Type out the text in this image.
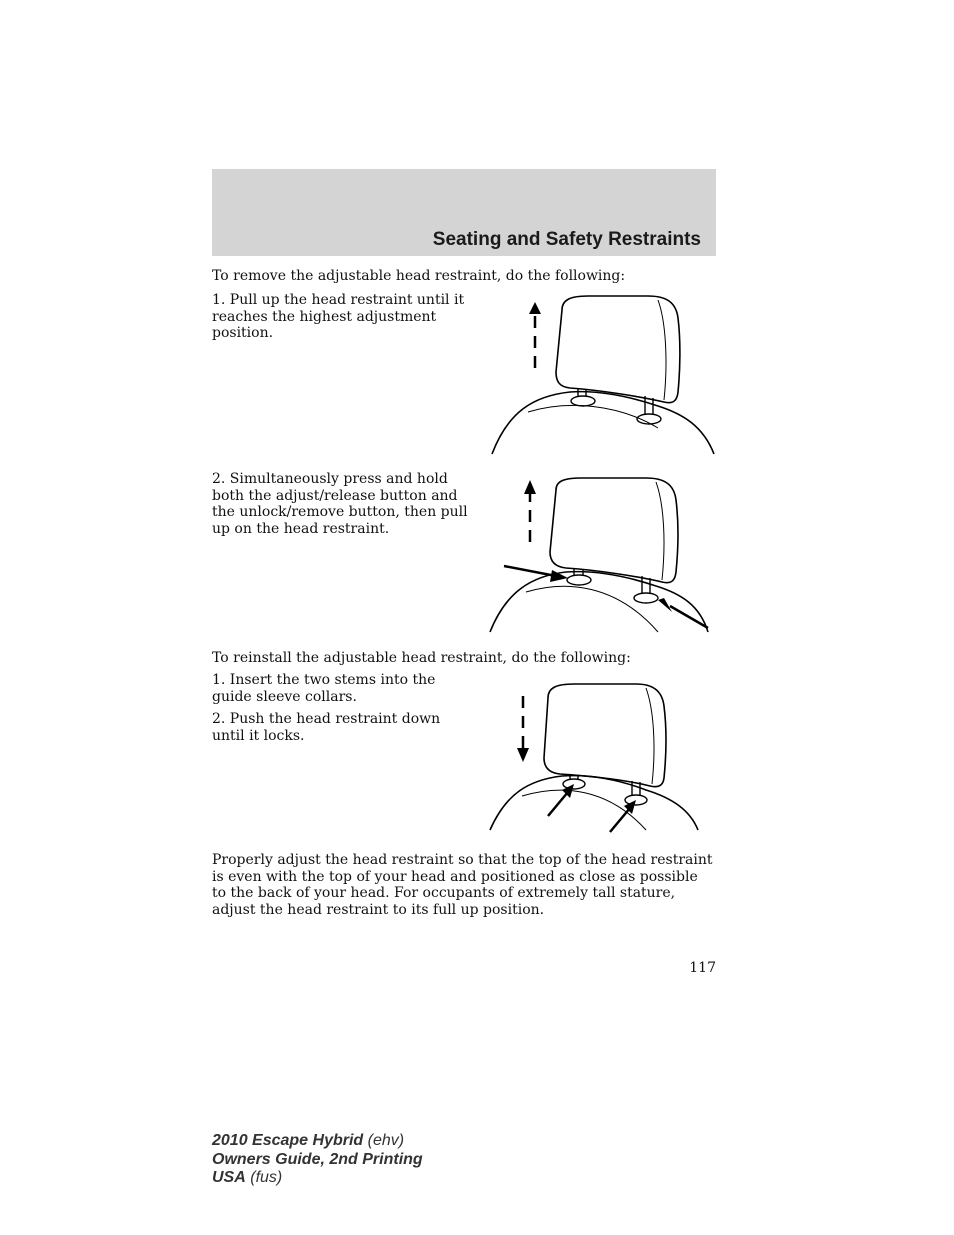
Seating and Safety Restraints

To remove the adjustable head restraint, do the following:

1. Pull up the head restraint until it reaches the highest adjustment position.

2. Simultaneously press and hold both the adjust/release button and the unlock/remove button, then pull up on the head restraint.

To reinstall the adjustable head restraint, do the following:

1. Insert the two stems into the guide sleeve collars.

2. Push the head restraint down until it locks.

Properly adjust the head restraint so that the top of the head restraint is even with the top of your head and positioned as close as possible to the back of your head. For occupants of extremely tall stature, adjust the head restraint to its full up position.

117

2010 Escape Hybrid (ehv)
Owners Guide, 2nd Printing
USA (fus)
